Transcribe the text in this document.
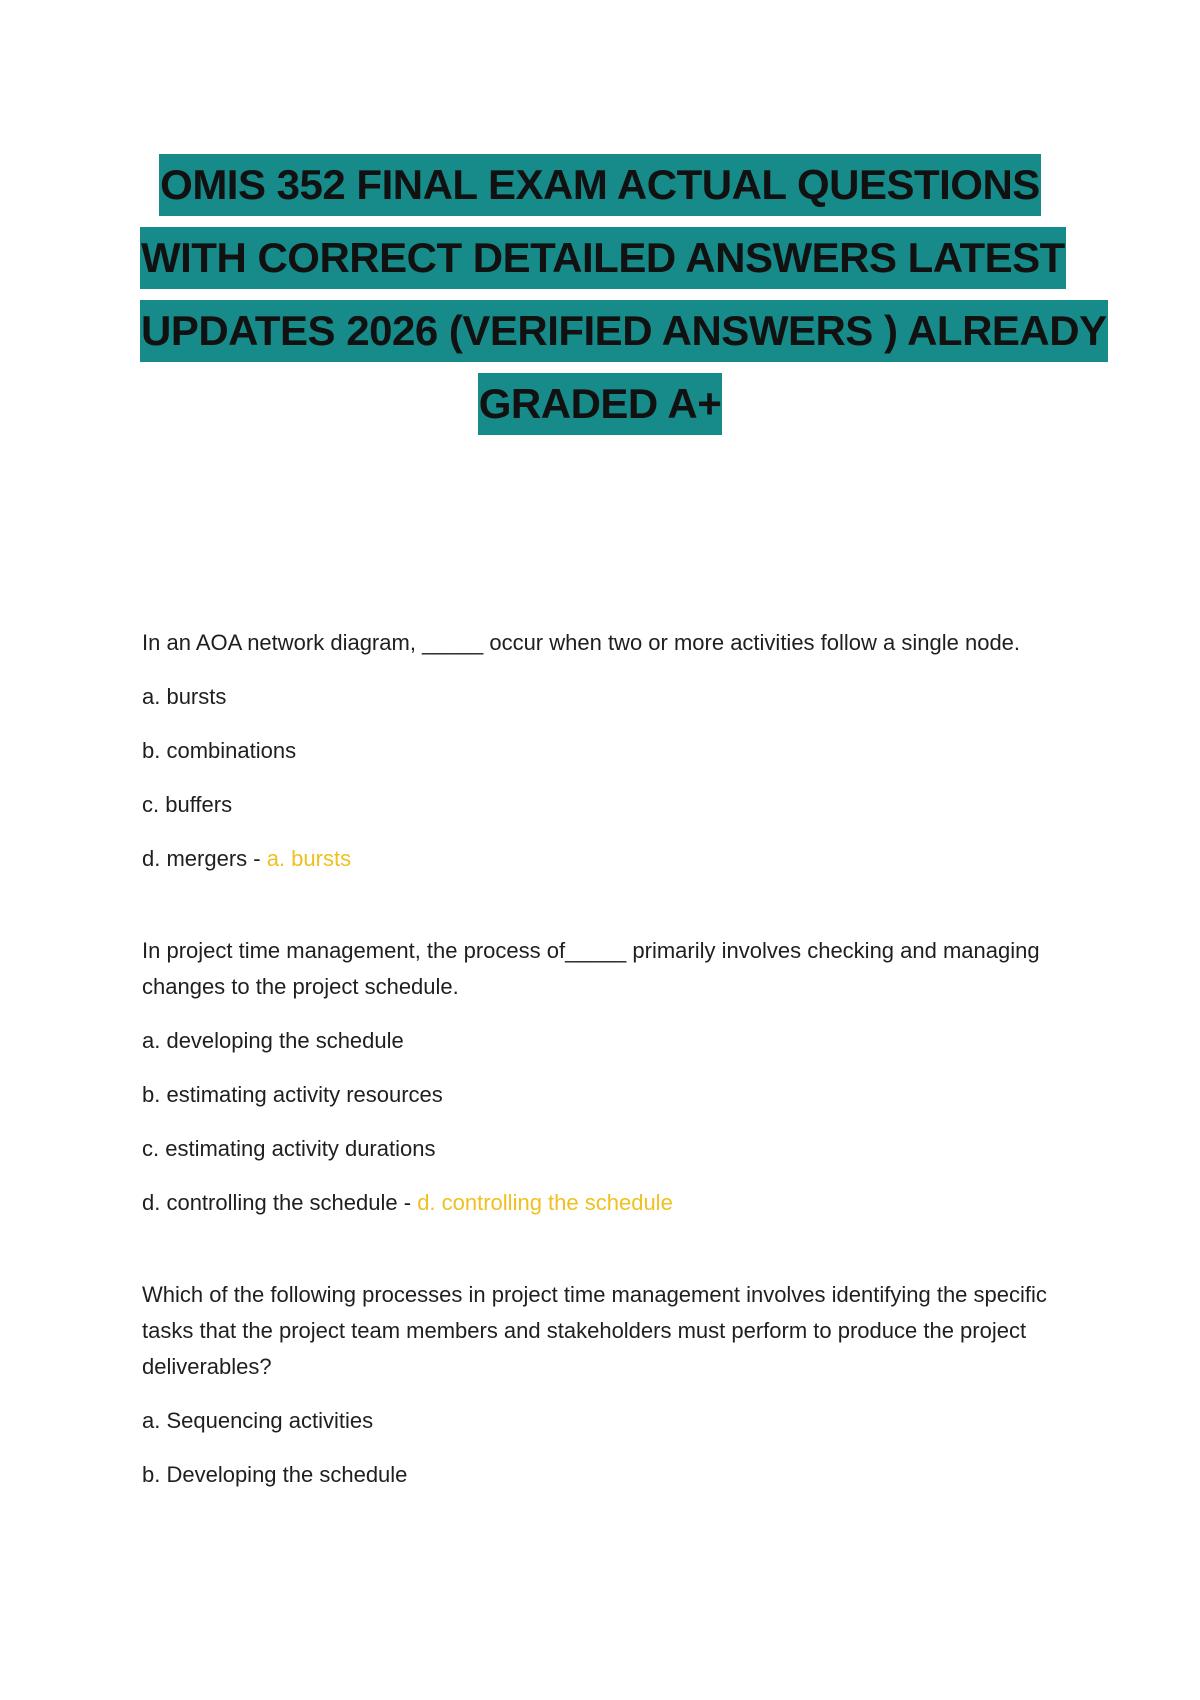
OMIS 352 FINAL EXAM ACTUAL QUESTIONS
WITH CORRECT DETAILED ANSWERS LATEST
UPDATES 2026 (VERIFIED ANSWERS ) ALREADY
GRADED A+
In an AOA network diagram, _____ occur when two or more activities follow a single node.
a. bursts
b. combinations
c. buffers
d. mergers - a. bursts
In project time management, the process of_____ primarily involves checking and managing changes to the project schedule.
a. developing the schedule
b. estimating activity resources
c. estimating activity durations
d. controlling the schedule - d. controlling the schedule
Which of the following processes in project time management involves identifying the specific tasks that the project team members and stakeholders must perform to produce the project deliverables?
a. Sequencing activities
b. Developing the schedule
